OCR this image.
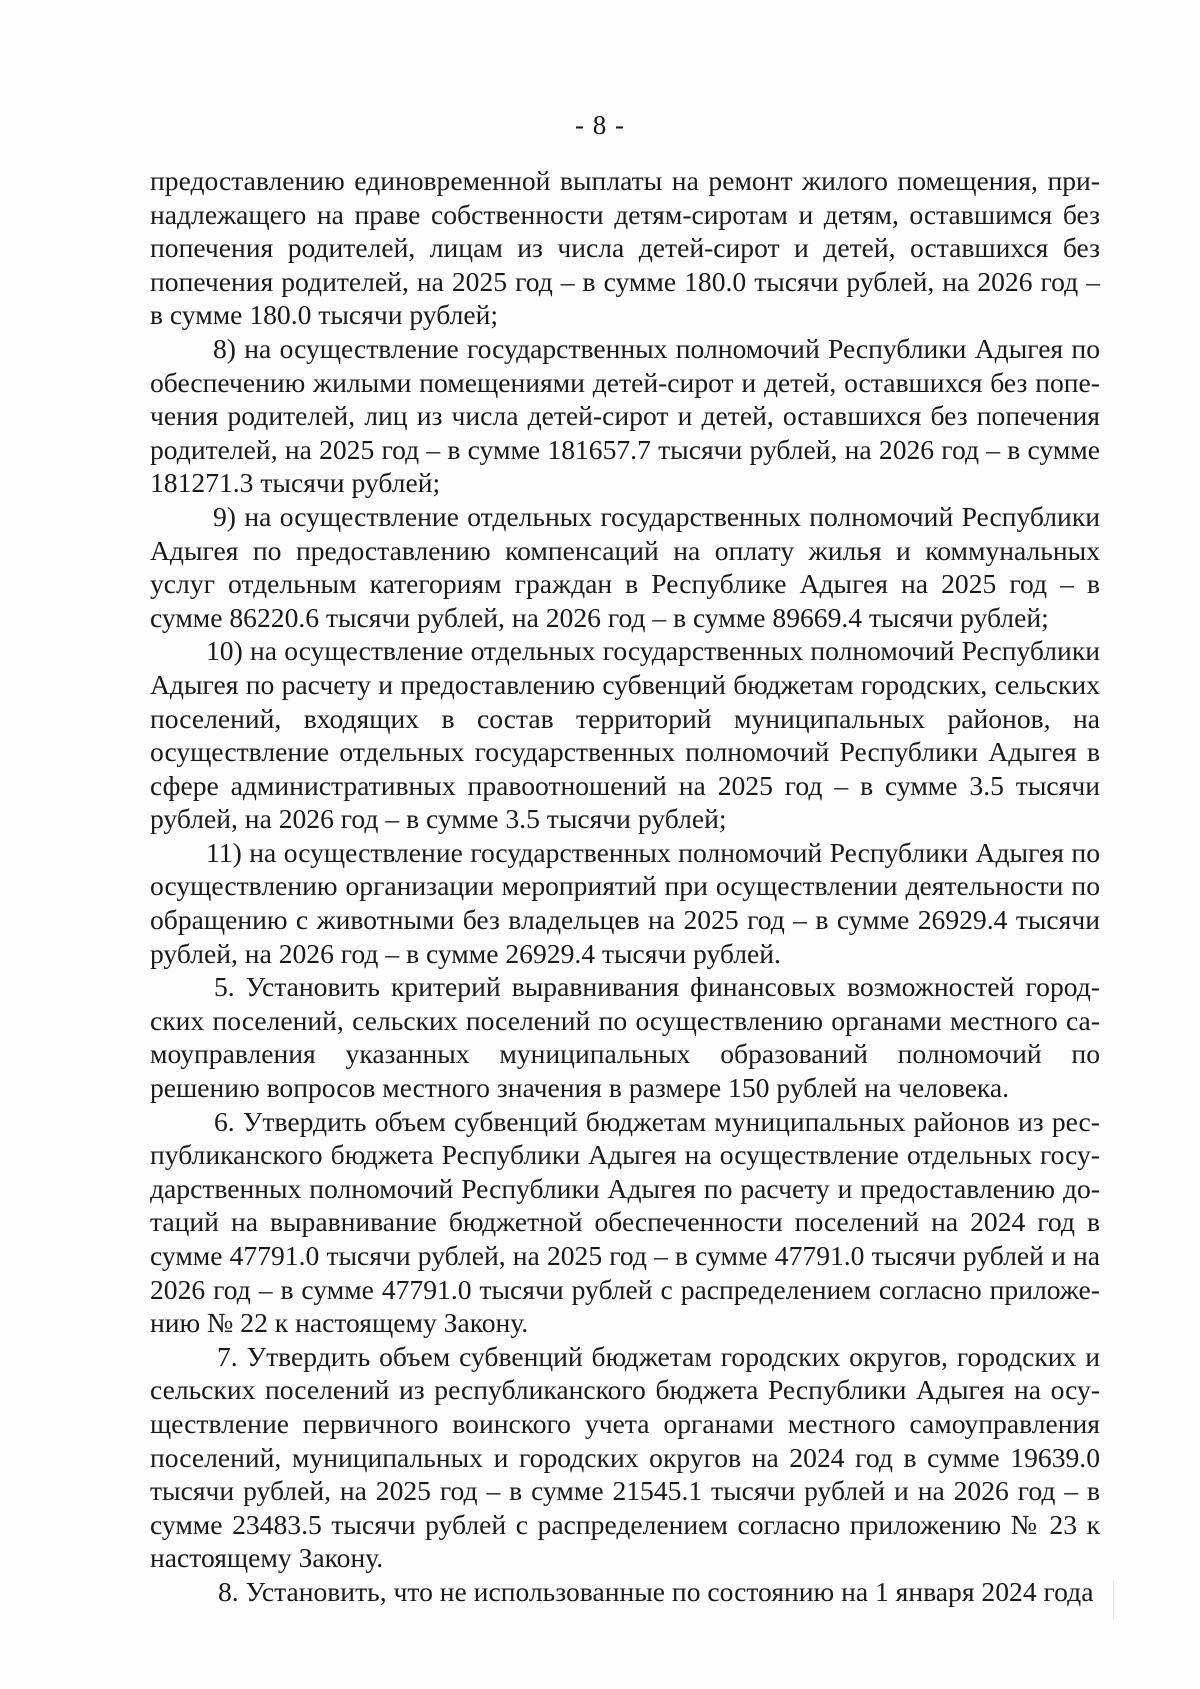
- 8 -

предоставлению единовременной выплаты на ремонт жилого помещения, принадлежащего на праве собственности детям-сиротам и детям, оставшимся без попечения родителей, лицам из числа детей-сирот и детей, оставшихся без попечения родителей, на 2025 год – в сумме 180.0 тысячи рублей, на 2026 год – в сумме 180.0 тысячи рублей;

8) на осуществление государственных полномочий Республики Адыгея по обеспечению жилыми помещениями детей-сирот и детей, оставшихся без попечения родителей, лиц из числа детей-сирот и детей, оставшихся без попечения родителей, на 2025 год – в сумме 181657.7 тысячи рублей, на 2026 год – в сумме 181271.3 тысячи рублей;

9) на осуществление отдельных государственных полномочий Республики Адыгея по предоставлению компенсаций на оплату жилья и коммунальных услуг отдельным категориям граждан в Республике Адыгея на 2025 год – в сумме 86220.6 тысячи рублей, на 2026 год – в сумме 89669.4 тысячи рублей;

10) на осуществление отдельных государственных полномочий Республики Адыгея по расчету и предоставлению субвенций бюджетам городских, сельских поселений, входящих в состав территорий муниципальных районов, на осуществление отдельных государственных полномочий Республики Адыгея в сфере административных правоотношений на 2025 год – в сумме 3.5 тысячи рублей, на 2026 год – в сумме 3.5 тысячи рублей;

11) на осуществление государственных полномочий Республики Адыгея по осуществлению организации мероприятий при осуществлении деятельности по обращению с животными без владельцев на 2025 год – в сумме 26929.4 тысячи рублей, на 2026 год – в сумме 26929.4 тысячи рублей.

5. Установить критерий выравнивания финансовых возможностей городских поселений, сельских поселений по осуществлению органами местного самоуправления указанных муниципальных образований полномочий по решению вопросов местного значения в размере 150 рублей на человека.

6. Утвердить объем субвенций бюджетам муниципальных районов из республиканского бюджета Республики Адыгея на осуществление отдельных государственных полномочий Республики Адыгея по расчету и предоставлению дотаций на выравнивание бюджетной обеспеченности поселений на 2024 год в сумме 47791.0 тысячи рублей, на 2025 год – в сумме 47791.0 тысячи рублей и на 2026 год – в сумме 47791.0 тысячи рублей с распределением согласно приложению № 22 к настоящему Закону.

7. Утвердить объем субвенций бюджетам городских округов, городских и сельских поселений из республиканского бюджета Республики Адыгея на осуществление первичного воинского учета органами местного самоуправления поселений, муниципальных и городских округов на 2024 год в сумме 19639.0 тысячи рублей, на 2025 год – в сумме 21545.1 тысячи рублей и на 2026 год – в сумме 23483.5 тысячи рублей с распределением согласно приложению № 23 к настоящему Закону.

8. Установить, что не использованные по состоянию на 1 января 2024 года
